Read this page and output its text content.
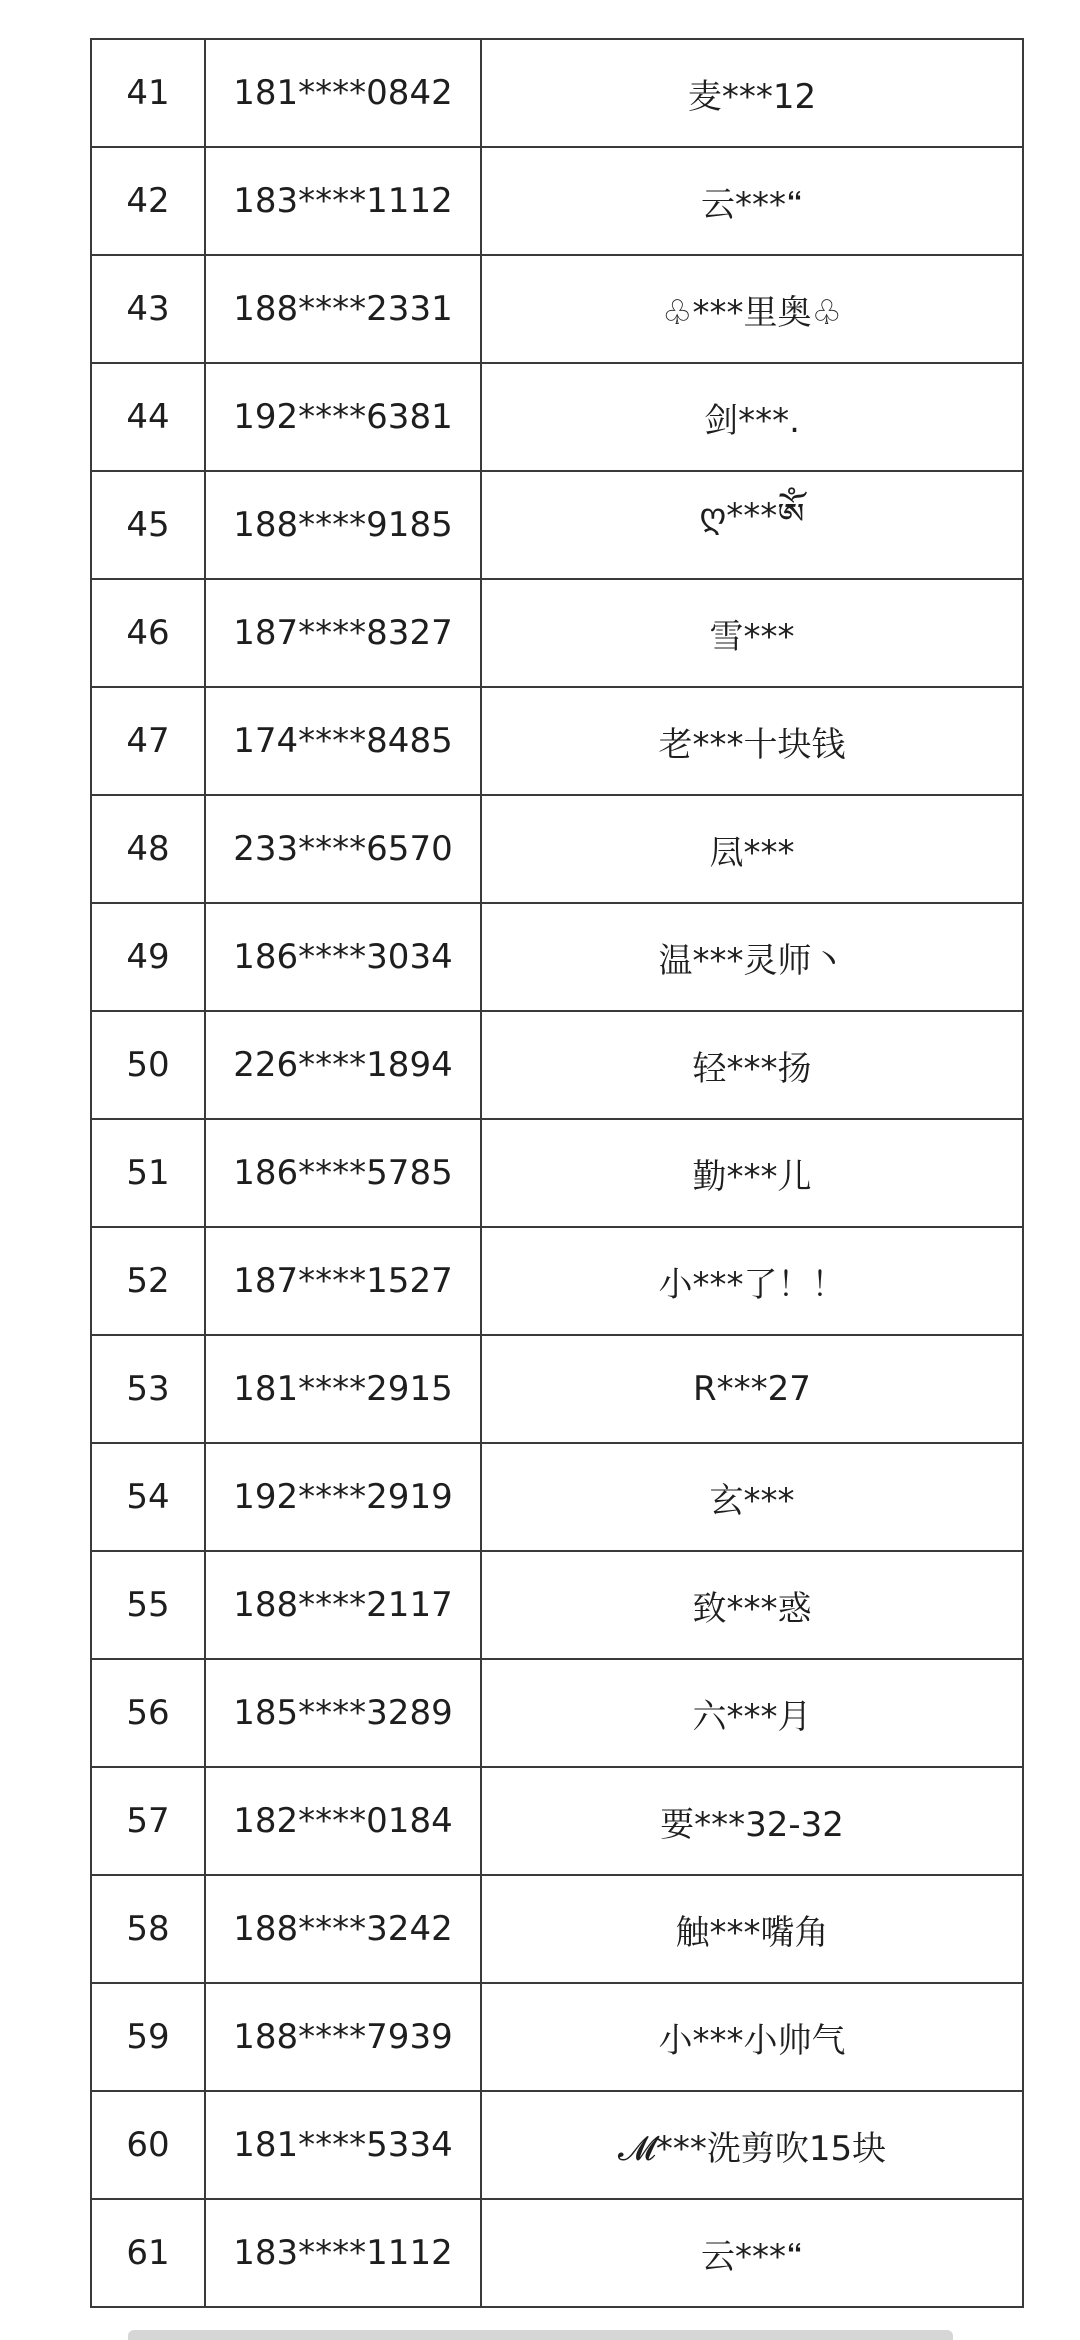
41	181****0842	麦***12
42	183****1112	云***🙶
43	188****2331	♧***里奥♧
44	192****6381	剑***.
45	188****9185	ღ***ༀ
46	187****8327	雪***
47	174****8485	老***十块钱
48	233****6570	凨***
49	186****3034	温***灵师丶
50	226****1894	轻***扬
51	186****5785	勤***儿
52	187****1527	小***了！！
53	181****2915	R***27
54	192****2919	玄***
55	188****2117	致***惑
56	185****3289	六***月
57	182****0184	要***32-32
58	188****3242	触***嘴角
59	188****7939	小***小帅气
60	181****5334	𝓜***洗剪吹15块
61	183****1112	云***🙶
